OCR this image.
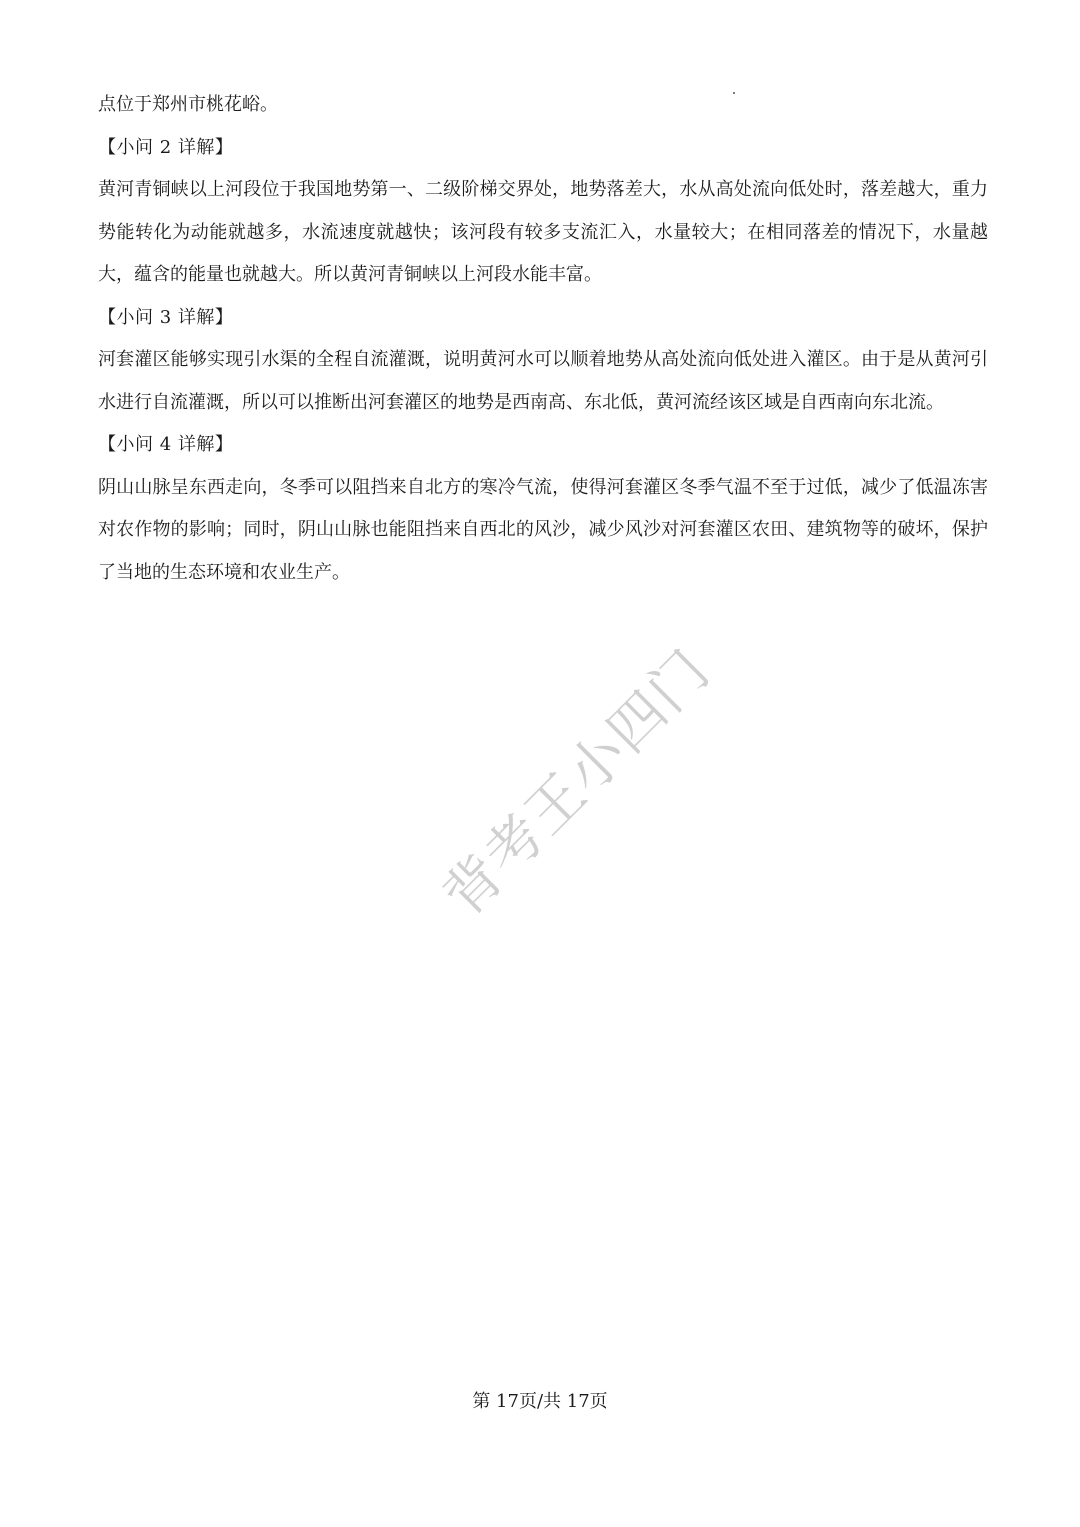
点位于郑州市桃花峪。

【小问 2 详解】

黄河青铜峡以上河段位于我国地势第一、二级阶梯交界处，地势落差大，水从高处流向低处时，落差越大，重力势能转化为动能就越多，水流速度就越快；该河段有较多支流汇入，水量较大；在相同落差的情况下，水量越大，蕴含的能量也就越大。所以黄河青铜峡以上河段水能丰富。

【小问 3 详解】

河套灌区能够实现引水渠的全程自流灌溉，说明黄河水可以顺着地势从高处流向低处进入灌区。由于是从黄河引水进行自流灌溉，所以可以推断出河套灌区的地势是西南高、东北低，黄河流经该区域是自西南向东北流。

【小问 4 详解】

阴山山脉呈东西走向，冬季可以阻挡来自北方的寒冷气流，使得河套灌区冬季气温不至于过低，减少了低温冻害对农作物的影响；同时，阴山山脉也能阻挡来自西北的风沙，减少风沙对河套灌区农田、建筑物等的破坏，保护了当地的生态环境和农业生产。

背考王小四门
第 17页/共 17页
